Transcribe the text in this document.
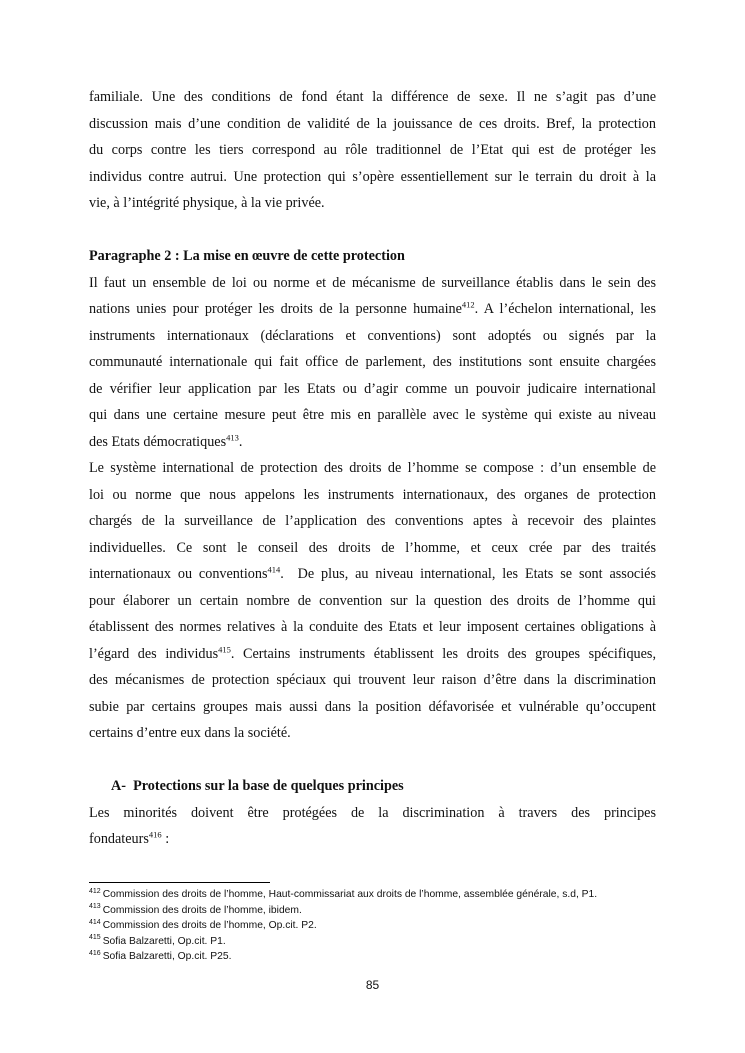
familiale. Une des conditions de fond étant la différence de sexe. Il ne s’agit pas d’une

discussion mais d’une condition de validité de la jouissance de ces droits. Bref, la protection

du corps contre les tiers correspond au rôle traditionnel de l’Etat qui est de protéger les

individus contre autrui. Une protection qui s’opère essentiellement sur le terrain du droit à la

vie, à l’intégrité physique, à la vie privée.

Paragraphe 2 : La mise en œuvre de cette protection

Il faut un ensemble de loi ou norme et de mécanisme de surveillance établis dans le sein des

nations unies pour protéger les droits de la personne humaine$^{412}$. A l’échelon international, les

instruments internationaux (déclarations et conventions) sont adoptés ou signés par la

communauté internationale qui fait office de parlement, des institutions sont ensuite chargées

de vérifier leur application par les Etats ou d’agir comme un pouvoir judicaire international

qui dans une certaine mesure peut être mis en parallèle avec le système qui existe au niveau

des Etats démocratiques$^{413}$.

Le système international de protection des droits de l’homme se compose : d’un ensemble de

loi ou norme que nous appelons les instruments internationaux, des organes de protection

chargés de la surveillance de l’application des conventions aptes à recevoir des plaintes

individuelles. Ce sont le conseil des droits de l’homme, et ceux crée par des traités

internationaux ou conventions$^{414}$.  De plus, au niveau international, les Etats se sont associés

pour élaborer un certain nombre de convention sur la question des droits de l’homme qui

établissent des normes relatives à la conduite des Etats et leur imposent certaines obligations à

l’égard des individus$^{415}$. Certains instruments établissent les droits des groupes spécifiques,

des mécanismes de protection spéciaux qui trouvent leur raison d’être dans la discrimination

subie par certains groupes mais aussi dans la position défavorisée et vulnérable qu’occupent

certains d’entre eux dans la société.

A-  Protections sur la base de quelques principes

Les minorités doivent être protégées de la discrimination à travers des principes

fondateurs$^{416}$ :

$^{412}$ Commission des droits de l’homme, Haut-commissariat aux droits de l’homme, assemblée générale, s.d, P1.

$^{413}$ Commission des droits de l’homme, ibidem.

$^{414}$ Commission des droits de l’homme, Op.cit. P2.

$^{415}$ Sofia Balzaretti, Op.cit. P1.

$^{416}$ Sofia Balzaretti, Op.cit. P25.

85
